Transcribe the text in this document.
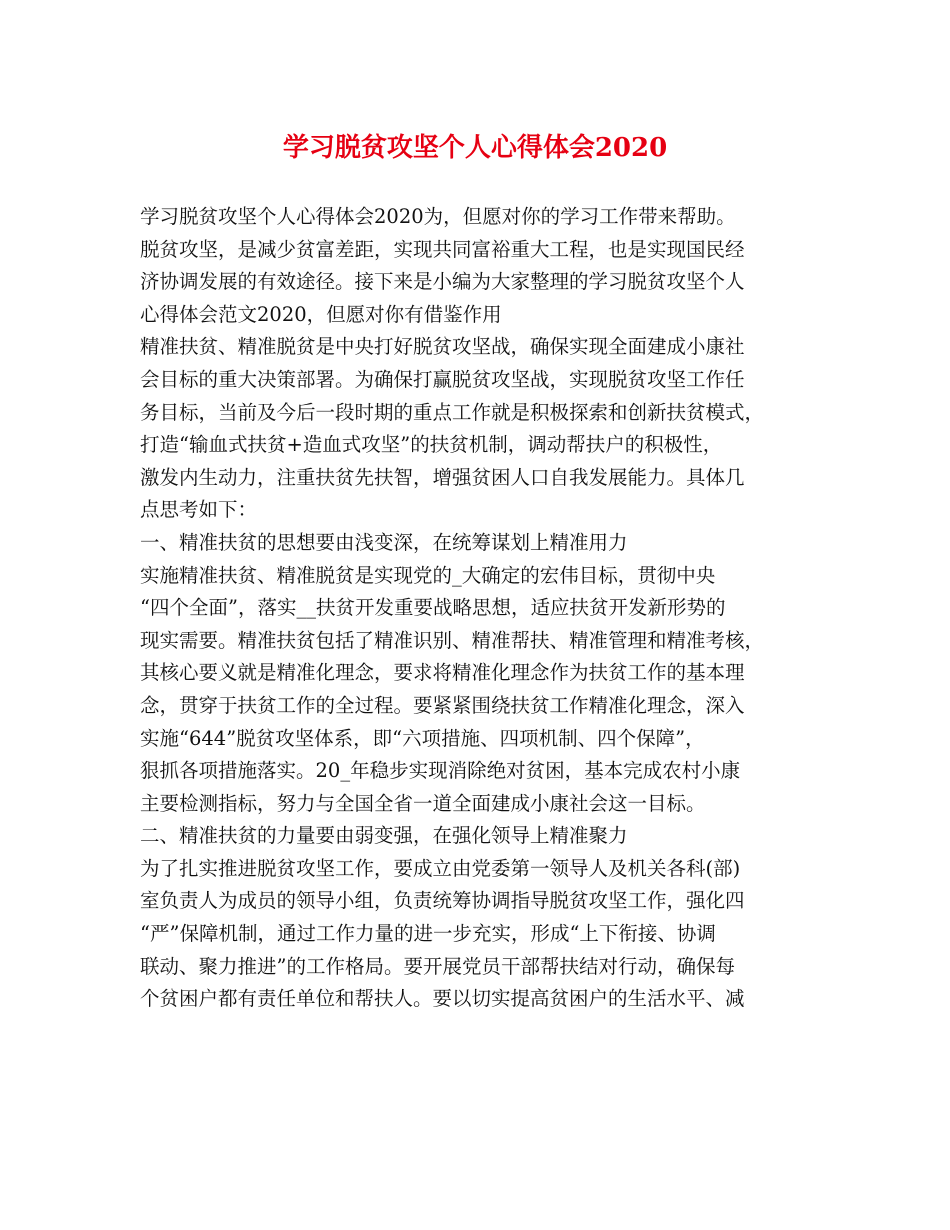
学习脱贫攻坚个人心得体会2020
学习脱贫攻坚个人心得体会2020为，但愿对你的学习工作带来帮助。
脱贫攻坚，是减少贫富差距，实现共同富裕重大工程，也是实现国民经
济协调发展的有效途径。接下来是小编为大家整理的学习脱贫攻坚个人
心得体会范文2020，但愿对你有借鉴作用
精准扶贫、精准脱贫是中央打好脱贫攻坚战，确保实现全面建成小康社
会目标的重大决策部署。为确保打赢脱贫攻坚战，实现脱贫攻坚工作任
务目标，当前及今后一段时期的重点工作就是积极探索和创新扶贫模式，
打造“输血式扶贫+造血式攻坚”的扶贫机制，调动帮扶户的积极性，
激发内生动力，注重扶贫先扶智，增强贫困人口自我发展能力。具体几
点思考如下：
一、精准扶贫的思想要由浅变深，在统筹谋划上精准用力
实施精准扶贫、精准脱贫是实现党的_大确定的宏伟目标，贯彻中央
“四个全面”，落实__扶贫开发重要战略思想，适应扶贫开发新形势的
现实需要。精准扶贫包括了精准识别、精准帮扶、精准管理和精准考核，
其核心要义就是精准化理念，要求将精准化理念作为扶贫工作的基本理
念，贯穿于扶贫工作的全过程。要紧紧围绕扶贫工作精准化理念，深入
实施“644”脱贫攻坚体系，即“六项措施、四项机制、四个保障”，
狠抓各项措施落实。20_年稳步实现消除绝对贫困，基本完成农村小康
主要检测指标，努力与全国全省一道全面建成小康社会这一目标。
二、精准扶贫的力量要由弱变强，在强化领导上精准聚力
为了扎实推进脱贫攻坚工作，要成立由党委第一领导人及机关各科(部)
室负责人为成员的领导小组，负责统筹协调指导脱贫攻坚工作，强化四
“严”保障机制，通过工作力量的进一步充实，形成“上下衔接、协调
联动、聚力推进”的工作格局。要开展党员干部帮扶结对行动，确保每
个贫困户都有责任单位和帮扶人。要以切实提高贫困户的生活水平、减
